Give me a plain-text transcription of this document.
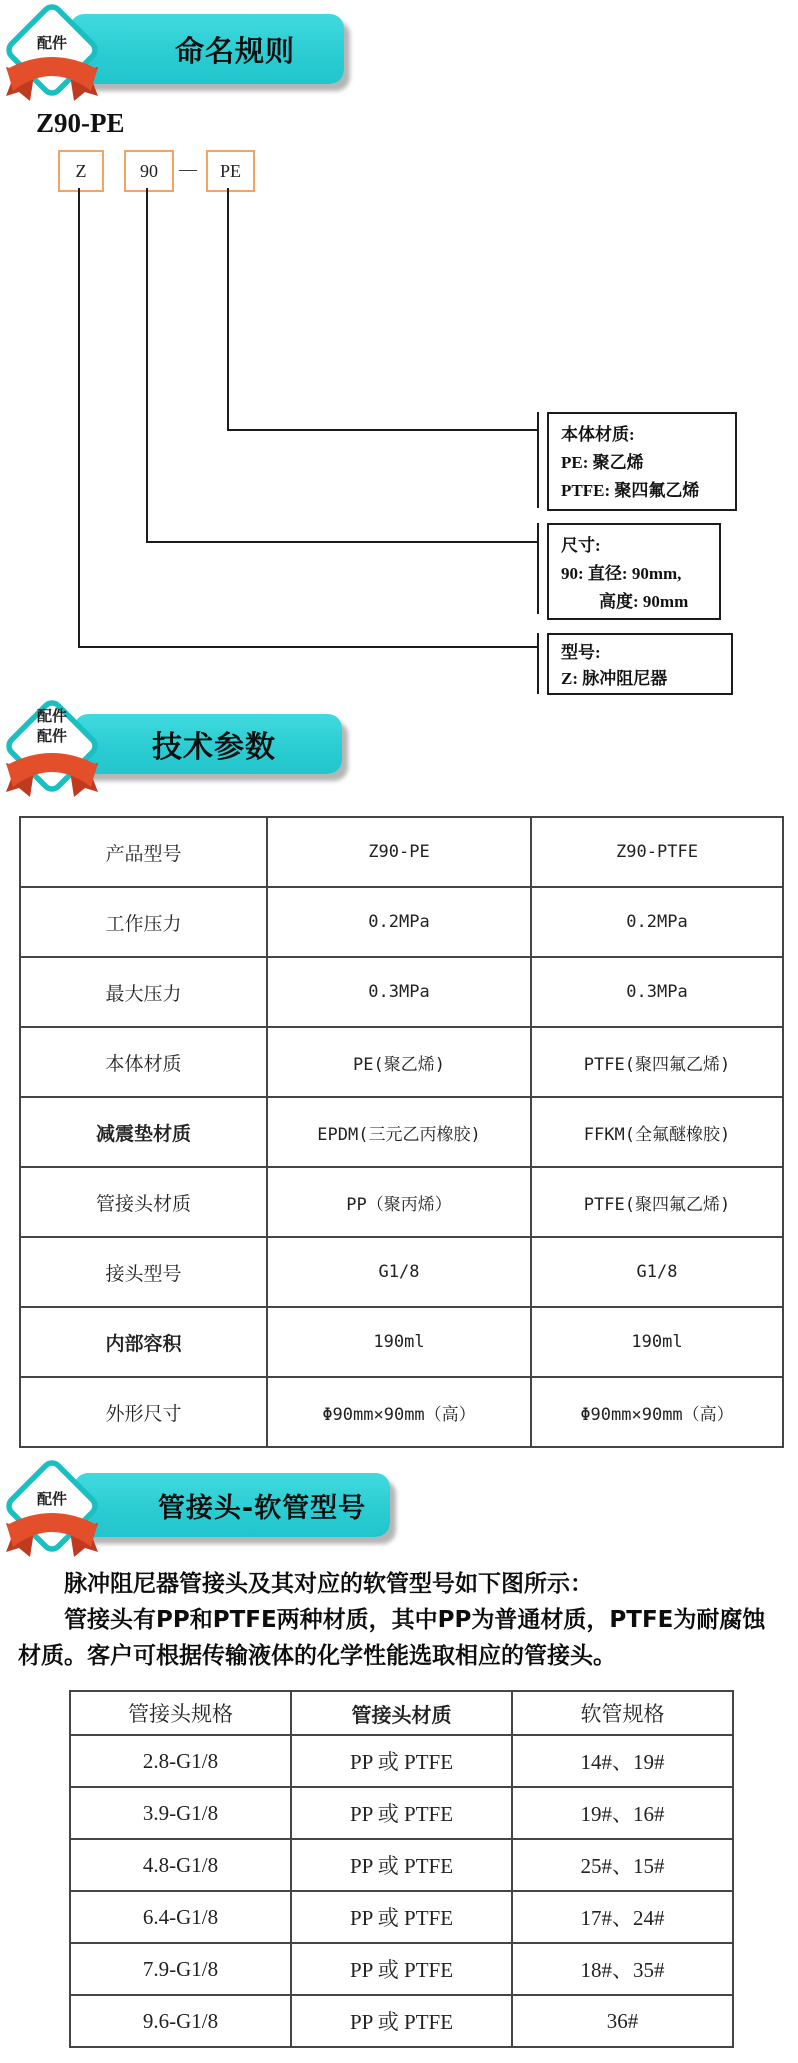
命名规则
配件
Z90-PE
Z	90	—	PE
本体材质:
PE: 聚乙烯
PTFE: 聚四氟乙烯
尺寸:
90: 直径: 90mm,
高度: 90mm
型号:
Z: 脉冲阻尼器
技术参数
配件
配件
产品型号	Z90-PE	Z90-PTFE
工作压力	0.2MPa	0.2MPa
最大压力	0.3MPa	0.3MPa
本体材质	PE(聚乙烯)	PTFE(聚四氟乙烯)
减震垫材质	EPDM(三元乙丙橡胶)	FFKM(全氟醚橡胶)
管接头材质	PP（聚丙烯）	PTFE(聚四氟乙烯)
接头型号	G1/8	G1/8
内部容积	190ml	190ml
外形尺寸	Φ90mm×90mm（高）	Φ90mm×90mm（高）
管接头-软管型号
配件

脉冲阻尼器管接头及其对应的软管型号如下图所示：

管接头有PP和PTFE两种材质，其中PP为普通材质，PTFE为耐腐蚀材质。客户可根据传输液体的化学性能选取相应的管接头。

管接头规格	管接头材质	软管规格
2.8-G1/8	PP 或 PTFE	14#、19#
3.9-G1/8	PP 或 PTFE	19#、16#
4.8-G1/8	PP 或 PTFE	25#、15#
6.4-G1/8	PP 或 PTFE	17#、24#
7.9-G1/8	PP 或 PTFE	18#、35#
9.6-G1/8	PP 或 PTFE	36#
